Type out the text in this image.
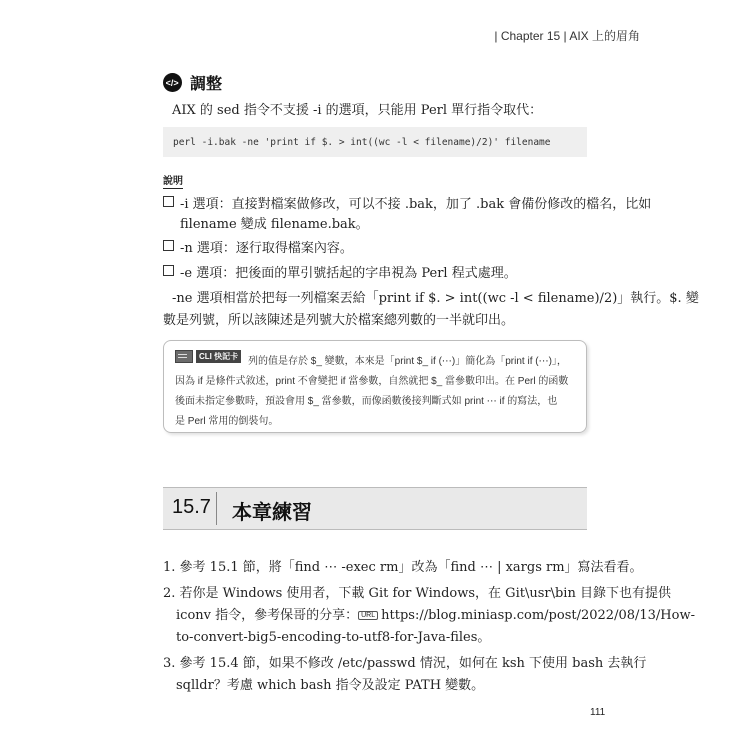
| Chapter 15 | AIX 上的眉角
</> 調整
AIX 的 sed 指令不支援 -i 的選項，只能用 Perl 單行指令取代：
perl -i.bak -ne 'print if $. > int((wc -l < filename)/2)' filename
說明
-i 選項：直接對檔案做修改，可以不接 .bak，加了 .bak 會備份修改的檔名，比如
filename 變成 filename.bak。
-n 選項：逐行取得檔案內容。
-e 選項：把後面的單引號括起的字串視為 Perl 程式處理。
-ne 選項相當於把每一列檔案丟給「print if $. > int((wc -l < filename)/2)」執行。$. 變
數是列號，所以該陳述是列號大於檔案總列數的一半就印出。
CLI 快記卡 列的值是存於 $_ 變數，本來是「print $_ if (⋯)」簡化為「print if (⋯)」，
因為 if 是條件式敘述，print 不會變把 if 當參數，自然就把 $_ 當參數印出。在 Perl 的函數
後面未指定參數時，預設會用 $_ 當參數，而像函數後接判斷式如 print ⋯ if 的寫法，也
是 Perl 常用的倒裝句。
15.7 本章練習
1. 參考 15.1 節，將「find ⋯ -exec rm」改為「find ⋯ | xargs rm」寫法看看。
2. 若你是 Windows 使用者，下載 Git for Windows，在 Git\usr\bin 目錄下也有提供
iconv 指令，參考保哥的分享： URL https://blog.miniasp.com/post/2022/08/13/How-
to-convert-big5-encoding-to-utf8-for-Java-files。
3. 參考 15.4 節，如果不修改 /etc/passwd 情況，如何在 ksh 下使用 bash 去執行
sqlldr？考慮 which bash 指令及設定 PATH 變數。
111
